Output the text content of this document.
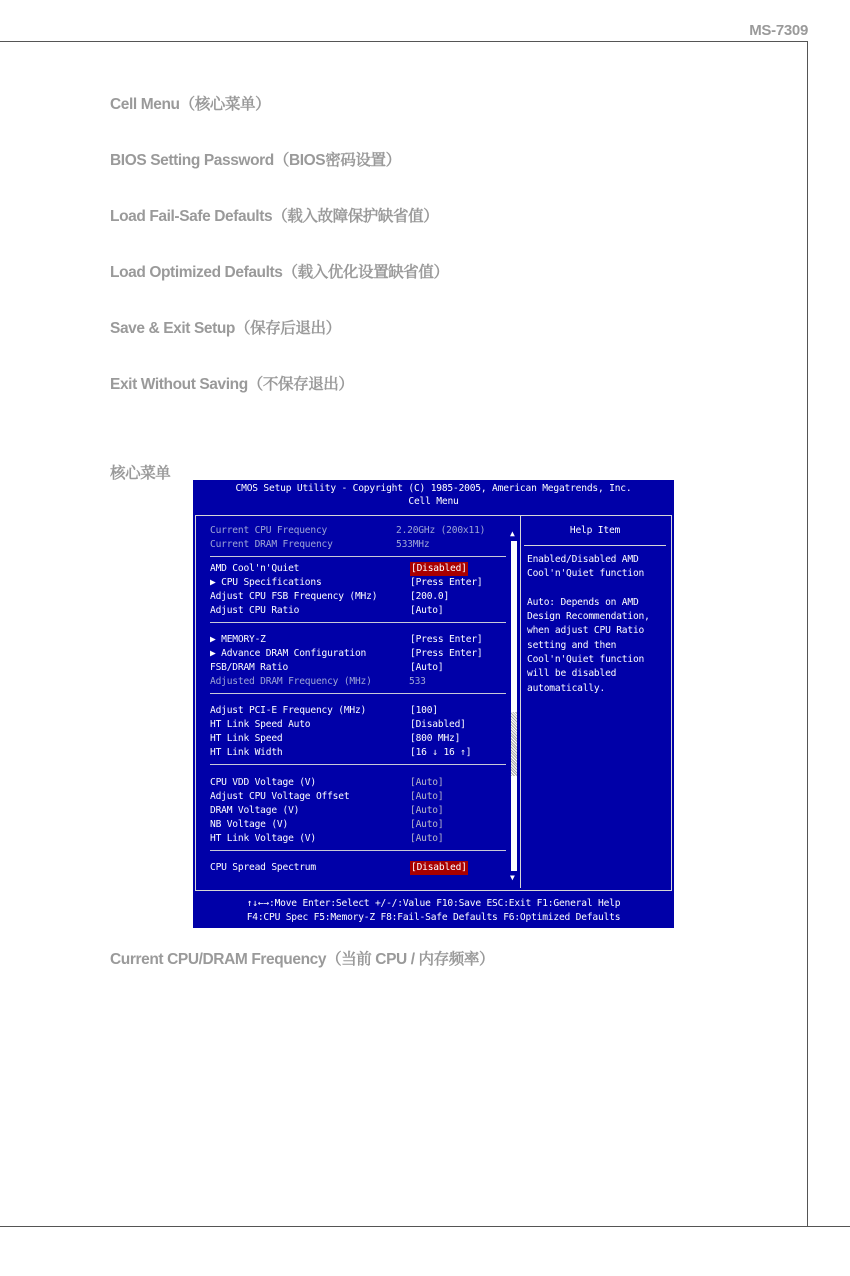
MS-7309
Cell Menu（核心菜单）
BIOS Setting Password（BIOS密码设置）
Load Fail-Safe Defaults（载入故障保护缺省值）
Load Optimized Defaults（载入优化设置缺省值）
Save & Exit Setup（保存后退出）
Exit Without Saving（不保存退出）
核心菜单
CMOS Setup Utility - Copyright (C) 1985-2005, American Megatrends, Inc.
Cell Menu
Current CPU Frequency	2.20GHz (200x11)
Current DRAM Frequency	533MHz
AMD Cool'n'Quiet	[Disabled]
▶ CPU Specifications	[Press Enter]
Adjust CPU FSB Frequency (MHz)	[200.0]
Adjust CPU Ratio	[Auto]
▶ MEMORY-Z	[Press Enter]
▶ Advance DRAM Configuration	[Press Enter]
FSB/DRAM Ratio	[Auto]
Adjusted DRAM Frequency (MHz)	533
Adjust PCI-E Frequency (MHz)	[100]
HT Link Speed Auto	[Disabled]
HT Link Speed	[800 MHz]
HT Link Width	[16 ↓ 16 ↑]
CPU VDD Voltage (V)	[Auto]
Adjust CPU Voltage Offset	[Auto]
DRAM Voltage (V)	[Auto]
NB Voltage (V)	[Auto]
HT Link Voltage (V)	[Auto]
CPU Spread Spectrum	[Disabled]
▲
▼
Help Item
Enabled/Disabled AMD
Cool'n'Quiet function

Auto: Depends on AMD
Design Recommendation,
when adjust CPU Ratio
setting and then
Cool'n'Quiet function
will be disabled
automatically.
↑↓←→:Move Enter:Select +/-/:Value F10:Save ESC:Exit F1:General Help
F4:CPU Spec F5:Memory-Z F8:Fail-Safe Defaults F6:Optimized Defaults
Current CPU/DRAM Frequency（当前 CPU / 内存频率）
